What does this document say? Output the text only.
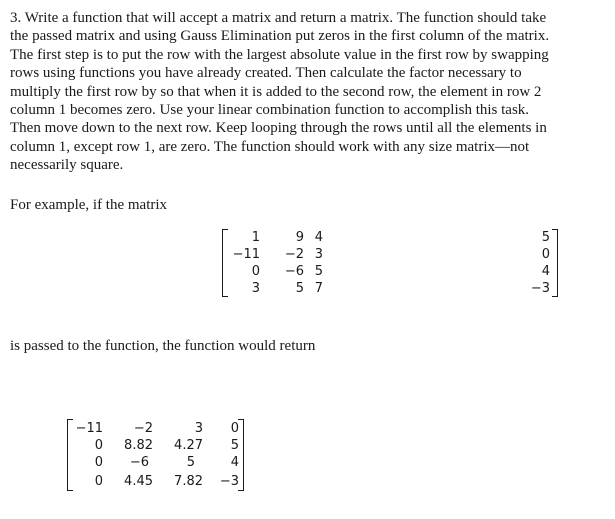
3. Write a function that will accept a matrix and return a matrix. The function should take
the passed matrix and using Gauss Elimination put zeros in the first column of the matrix.
The first step is to put the row with the largest absolute value in the first row by swapping
rows using functions you have already created. Then calculate the factor necessary to
multiply the first row by so that when it is added to the second row, the element in row 2
column 1 becomes zero. Use your linear combination function to accomplish this task.
Then move down to the next row. Keep looping through the rows until all the elements in
column 1, except row 1, are zero. The function should work with any size matrix—not
necessarily square.
For example, if the matrix
1	9 4	5
−11	−2 3	0
0	−6 5	4
3	5 7	−3
is passed to the function, the function would return
−11	−2	3	0
0 8.82	4.27	5
0	−6	5	4
0 4.45	7.82	−3
